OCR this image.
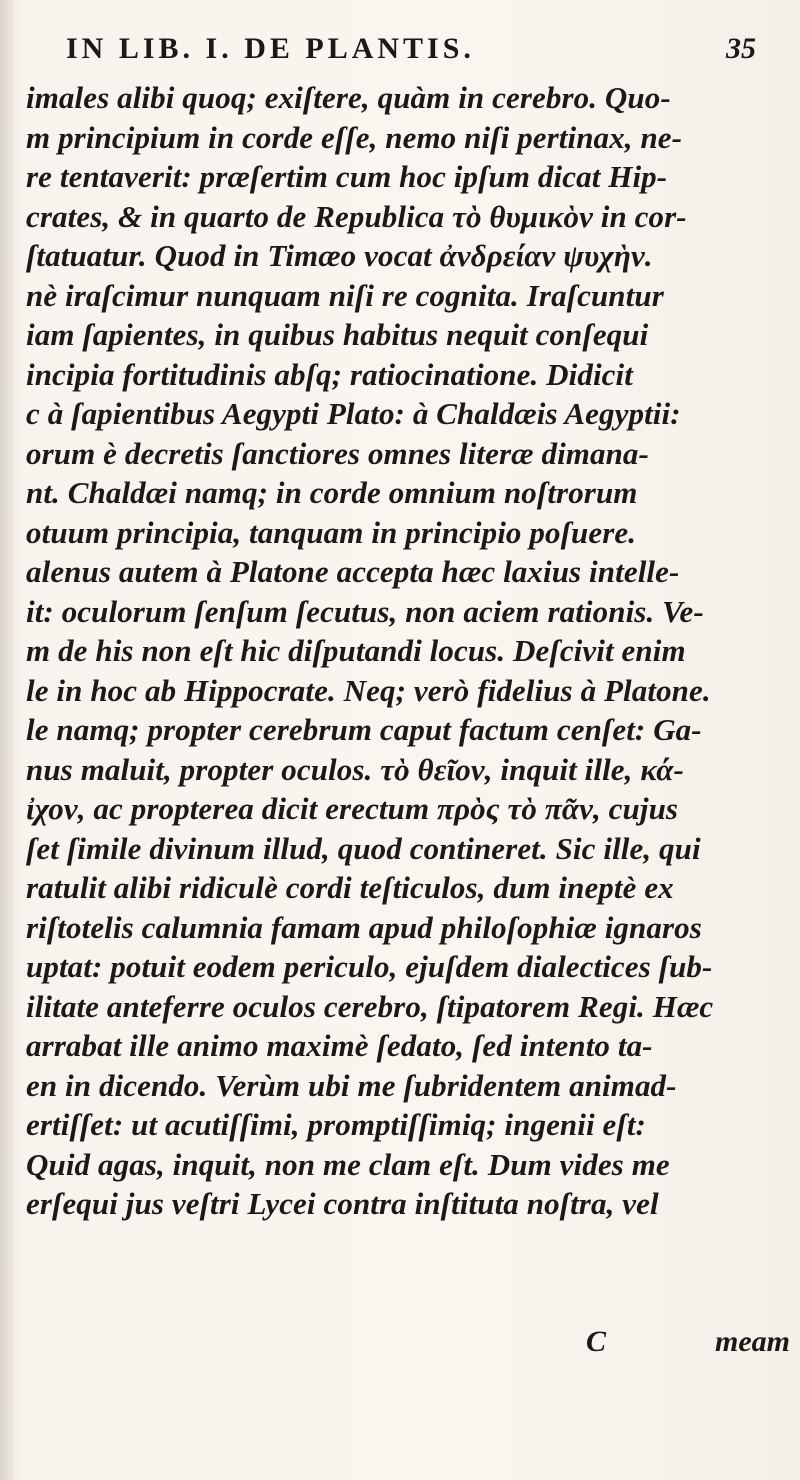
IN LIB. I. DE PLANTIS.	35
imales alibi quoq; exiſtere, quàm in cerebro. Quo-
m principium in corde eſſe, nemo niſi pertinax, ne-
re tentaverit: præſertim cum hoc ipſum dicat Hip-
crates, & in quarto de Republica τὸ θυμικὸν in cor-
ſtatuatur. Quod in Timæo vocat ἀνδρείαν ψυχὴν.
nè iraſcimur nunquam niſi re cognita. Iraſcuntur
iam ſapientes, in quibus habitus nequit conſequi
incipia fortitudinis abſq; ratiocinatione. Didicit
c à ſapientibus Aegypti Plato: à Chaldæis Aegyptii:
orum è decretis ſanctiores omnes literæ dimana-
nt. Chaldæi namq; in corde omnium noſtrorum
otuum principia, tanquam in principio poſuere.
alenus autem à Platone accepta hæc laxius intelle-
it: oculorum ſenſum ſecutus, non aciem rationis. Ve-
m de his non eſt hic diſputandi locus. Deſcivit enim
le in hoc ab Hippocrate. Neq; verò fidelius à Platone.
le namq; propter cerebrum caput factum cenſet: Ga-
nus maluit, propter oculos. τὸ θεῖον, inquit ille, κά-
ἰχον, ac propterea dicit erectum πρὸς τὸ πᾶν, cujus
ſet ſimile divinum illud, quod contineret. Sic ille, qui
ratulit alibi ridiculè cordi teſticulos, dum ineptè ex
riſtotelis calumnia famam apud philoſophiæ ignaros
uptat: potuit eodem periculo, ejuſdem dialectices ſub-
ilitate anteferre oculos cerebro, ſtipatorem Regi. Hæc
arrabat ille animo maximè ſedato, ſed intento ta-
en in dicendo. Verùm ubi me ſubridentem animad-
ertiſſet: ut acutiſſimi, promptiſſimiq; ingenii eſt:
Quid agas, inquit, non me clam eſt. Dum vides me
erſequi jus veſtri Lycei contra inſtituta noſtra, vel
C	meam
